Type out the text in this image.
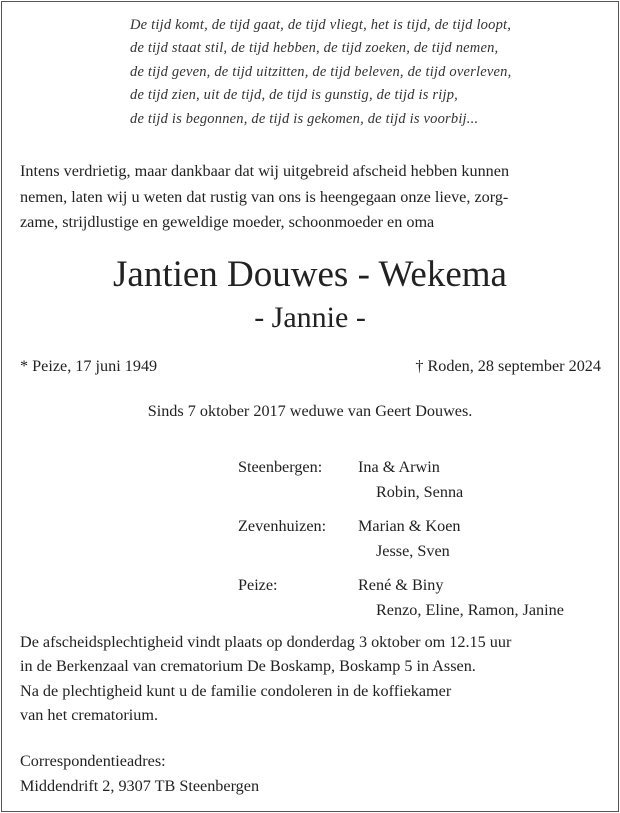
De tijd komt, de tijd gaat, de tijd vliegt, het is tijd, de tijd loopt,
de tijd staat stil, de tijd hebben, de tijd zoeken, de tijd nemen,
de tijd geven, de tijd uitzitten, de tijd beleven, de tijd overleven,
de tijd zien, uit de tijd, de tijd is gunstig, de tijd is rijp,
de tijd is begonnen, de tijd is gekomen, de tijd is voorbij...
Intens verdrietig, maar dankbaar dat wij uitgebreid afscheid hebben kunnen
nemen, laten wij u weten dat rustig van ons is heengegaan onze lieve, zorg-
zame, strijdlustige en geweldige moeder, schoonmoeder en oma
Jantien Douwes - Wekema
- Jannie -
* Peize, 17 juni 1949	† Roden, 28 september 2024
Sinds 7 oktober 2017 weduwe van Geert Douwes.
Steenbergen: Ina & Arwin
Robin, Senna
Zevenhuizen: Marian & Koen
Jesse, Sven
Peize:	René & Biny
Renzo, Eline, Ramon, Janine
De afscheidsplechtigheid vindt plaats op donderdag 3 oktober om 12.15 uur
in de Berkenzaal van crematorium De Boskamp, Boskamp 5 in Assen.
Na de plechtigheid kunt u de familie condoleren in de koffiekamer
van het crematorium.
Correspondentieadres:
Middendrift 2, 9307 TB Steenbergen
